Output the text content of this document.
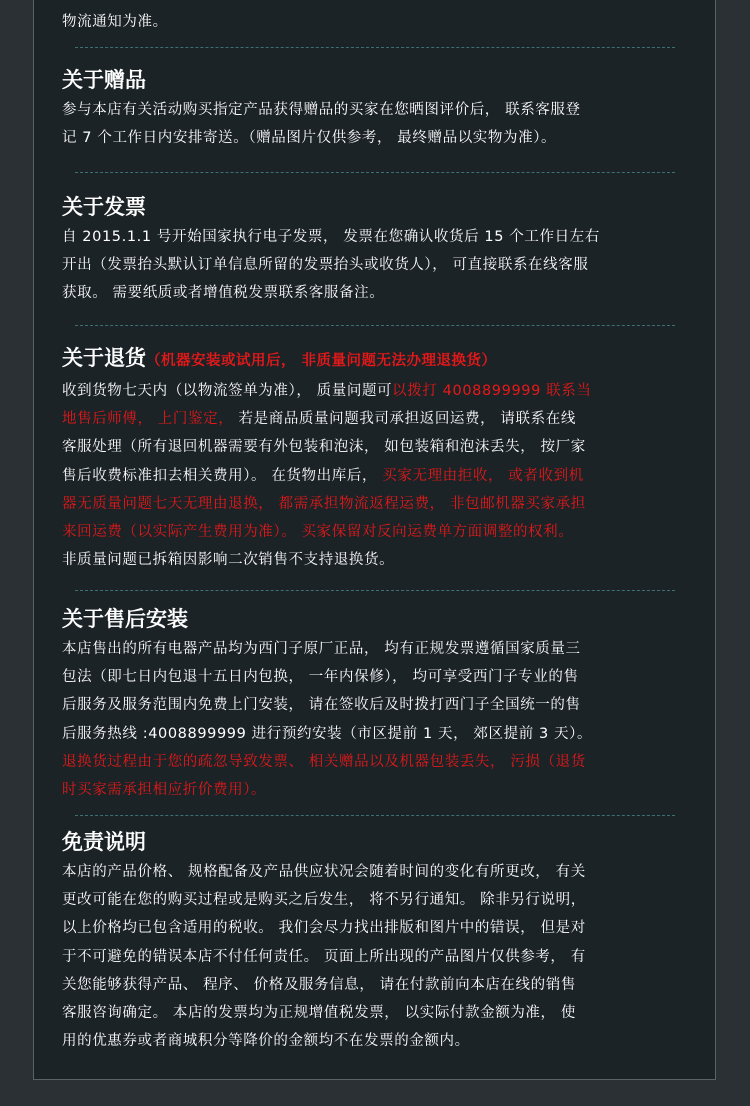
物流通知为准。

关于赠品

参与本店有关活动购买指定产品获得赠品的买家在您晒图评价后， 联系客服登
记 7 个工作日内安排寄送。（赠品图片仅供参考， 最终赠品以实物为准）。

关于发票

自 2015.1.1 号开始国家执行电子发票， 发票在您确认收货后 15 个工作日左右
开出（发票抬头默认订单信息所留的发票抬头或收货人）， 可直接联系在线客服
获取。 需要纸质或者增值税发票联系客服备注。

关于退货（机器安装或试用后， 非质量问题无法办理退换货）

收到货物七天内（以物流签单为准）， 质量问题可以拨打 4008899999 联系当
地售后师傅， 上门鉴定， 若是商品质量问题我司承担返回运费， 请联系在线
客服处理（所有退回机器需要有外包装和泡沫， 如包装箱和泡沫丢失， 按厂家
售后收费标准扣去相关费用）。 在货物出库后， 买家无理由拒收， 或者收到机
器无质量问题七天无理由退换， 都需承担物流返程运费， 非包邮机器买家承担
来回运费（以实际产生费用为准）。 买家保留对反向运费单方面调整的权利。
非质量问题已拆箱因影响二次销售不支持退换货。

关于售后安装

本店售出的所有电器产品均为西门子原厂正品， 均有正规发票遵循国家质量三
包法（即七日内包退十五日内包换， 一年内保修）， 均可享受西门子专业的售
后服务及服务范围内免费上门安装， 请在签收后及时拨打西门子全国统一的售
后服务热线 :4008899999 进行预约安装（市区提前 1 天， 郊区提前 3 天）。
退换货过程由于您的疏忽导致发票、 相关赠品以及机器包装丢失， 污损（退货
时买家需承担相应折价费用）。

免责说明

本店的产品价格、 规格配备及产品供应状况会随着时间的变化有所更改， 有关
更改可能在您的购买过程或是购买之后发生， 将不另行通知。 除非另行说明，
以上价格均已包含适用的税收。 我们会尽力找出排版和图片中的错误， 但是对
于不可避免的错误本店不付任何责任。 页面上所出现的产品图片仅供参考， 有
关您能够获得产品、 程序、 价格及服务信息， 请在付款前向本店在线的销售
客服咨询确定。 本店的发票均为正规增值税发票， 以实际付款金额为准， 使
用的优惠券或者商城积分等降价的金额均不在发票的金额内。
